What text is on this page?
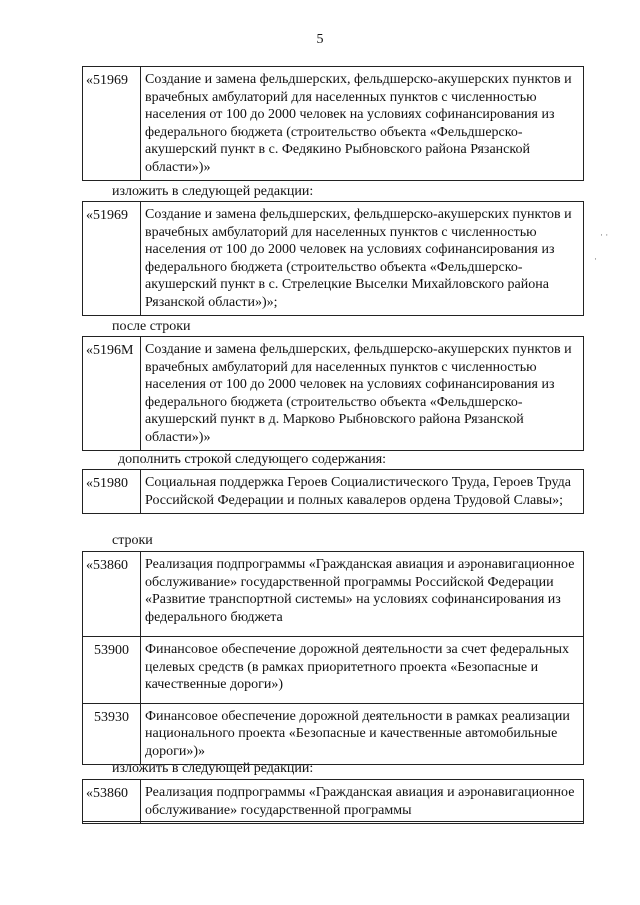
5
«51969	Создание и замена фельдшерских, фельдшерско-акушерских пунктов и врачебных амбулаторий для населенных пунктов с численностью населения от 100 до 2000 человек на условиях софинансирования из федерального бюджета (строительство объекта «Фельдшерско-акушерский пункт в с. Федякино Рыбновского района Рязанской области»)»
изложить в следующей редакции:
«51969	Создание и замена фельдшерских, фельдшерско-акушерских пунктов и врачебных амбулаторий для населенных пунктов с численностью населения от 100 до 2000 человек на условиях софинансирования из федерального бюджета (строительство объекта «Фельдшерско-акушерский пункт в с. Стрелецкие Выселки Михайловского района Рязанской области»)»;
после строки
«5196М Создание и замена фельдшерских, фельдшерско-акушерских пунктов и врачебных амбулаторий для населенных пунктов с численностью населения от 100 до 2000 человек на условиях софинансирования из федерального бюджета (строительство объекта «Фельдшерско-акушерский пункт в д. Марково Рыбновского района Рязанской области»)»
дополнить строкой следующего содержания:
«51980	Социальная поддержка Героев Социалистического Труда, Героев Труда Российской Федерации и полных кавалеров ордена Трудовой Славы»;
строки
«53860	Реализация подпрограммы «Гражданская авиация и аэронавигационное обслуживание» государственной программы Российской Федерации «Развитие транспортной системы» на условиях софинансирования из федерального бюджета
53900	Финансовое обеспечение дорожной деятельности за счет федеральных целевых средств (в рамках приоритетного проекта «Безопасные и качественные дороги»)
53930	Финансовое обеспечение дорожной деятельности в рамках реализации национального проекта «Безопасные и качественные автомобильные дороги»)»
изложить в следующей редакции:
«53860	Реализация подпрограммы «Гражданская авиация и аэронавигационное обслуживание» государственной программы
· ·
·
